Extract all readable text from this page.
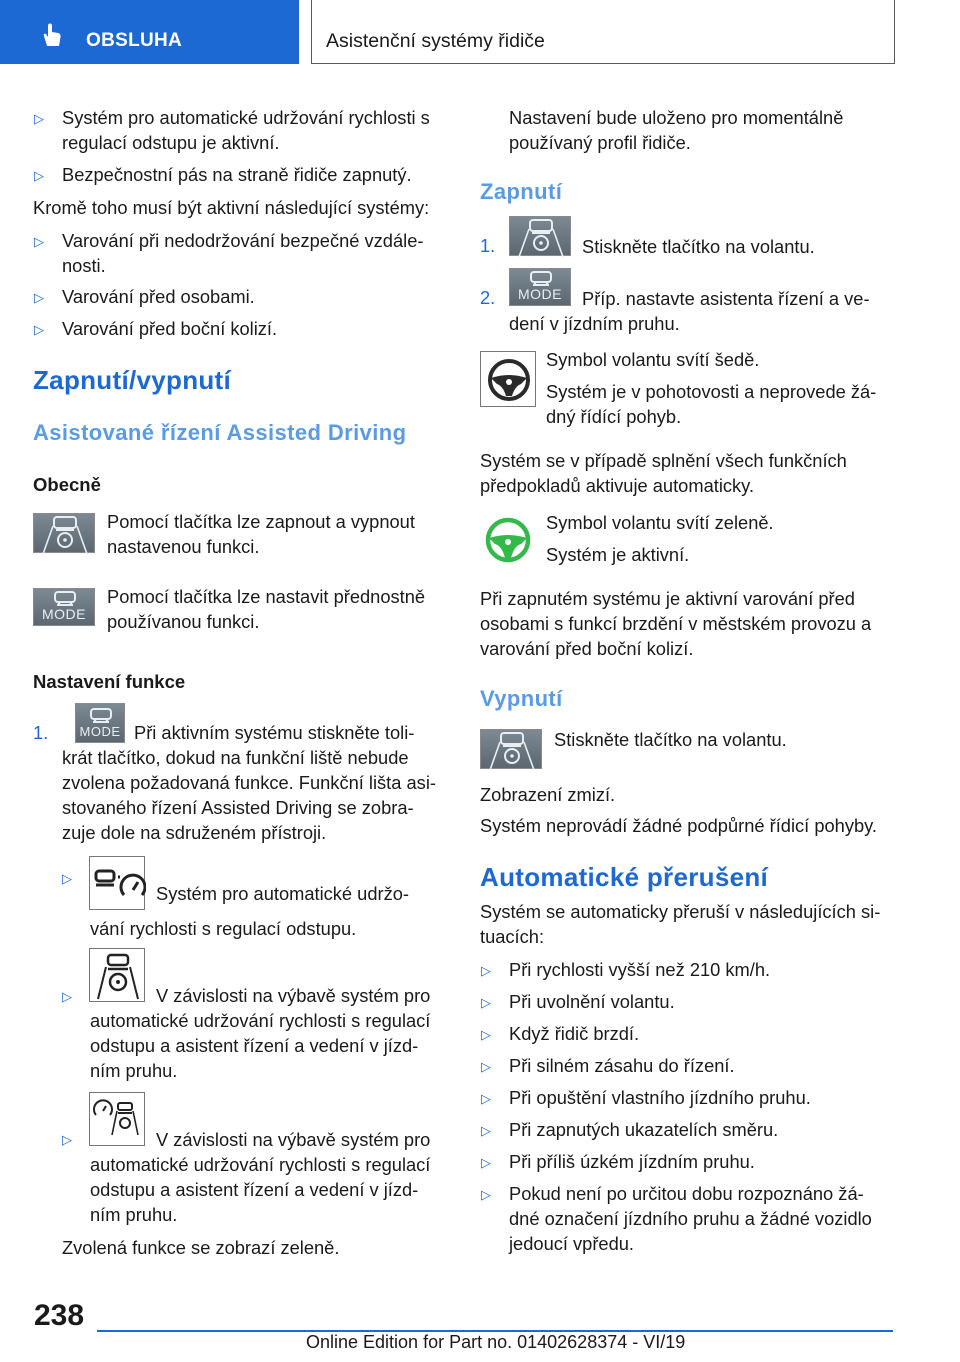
OBSLUHA	Asistenční systémy řidiče
▷ Systém pro automatické udržování rychlosti s
regulací odstupu je aktivní.
▷ Bezpečnostní pás na straně řidiče zapnutý.
Kromě toho musí být aktivní následující systémy:
▷ Varování při nedodržování bezpečné vzdále‐
nosti.
▷ Varování před osobami.
▷ Varování před boční kolizí.
Zapnutí/vypnutí
Asistované řízení Assisted Driving
Obecně
Pomocí tlačítka lze zapnout a vypnout
nastavenou funkci.
MODE
Pomocí tlačítka lze nastavit přednostně
používanou funkci.
Nastavení funkce
1. MODE Při aktivním systému stiskněte toli‐
krát tlačítko, dokud na funkční liště nebude
zvolena požadovaná funkce. Funkční lišta asi‐
stovaného řízení Assisted Driving se zobra‐
zuje dole na sdruženém přístroji.
▷
Systém pro automatické udržo‐
vání rychlosti s regulací odstupu.
▷	V závislosti na výbavě systém pro
automatické udržování rychlosti s regulací
odstupu a asistent řízení a vedení v jízd‐
ním pruhu.
▷	V závislosti na výbavě systém pro
automatické udržování rychlosti s regulací
odstupu a asistent řízení a vedení v jízd‐
ním pruhu.
Zvolená funkce se zobrazí zeleně.
Nastavení bude uloženo pro momentálně
používaný profil řidiče.
Zapnutí
1.	Stiskněte tlačítko na volantu.
2.	MODE	Příp. nastavte asistenta řízení a ve‐
dení v jízdním pruhu.
Symbol volantu svítí šedě.
Systém je v pohotovosti a neprovede žá‐
dný řídící pohyb.
Systém se v případě splnění všech funkčních
předpokladů aktivuje automaticky.
Symbol volantu svítí zeleně.
Systém je aktivní.
Při zapnutém systému je aktivní varování před
osobami s funkcí brzdění v městském provozu a
varování před boční kolizí.
Vypnutí
Stiskněte tlačítko na volantu.
Zobrazení zmizí.
Systém neprovádí žádné podpůrné řídicí pohyby.
Automatické přerušení
Systém se automaticky přeruší v následujících si‐
tuacích:
▷ Při rychlosti vyšší než 210 km/h.
▷ Při uvolnění volantu.
▷ Když řidič brzdí.
▷ Při silném zásahu do řízení.
▷ Při opuštění vlastního jízdního pruhu.
▷ Při zapnutých ukazatelích směru.
▷ Při příliš úzkém jízdním pruhu.
▷ Pokud není po určitou dobu rozpoznáno žá‐
dné označení jízdního pruhu a žádné vozidlo
jedoucí vpředu.
238
Online Edition for Part no. 01402628374 - VI/19
